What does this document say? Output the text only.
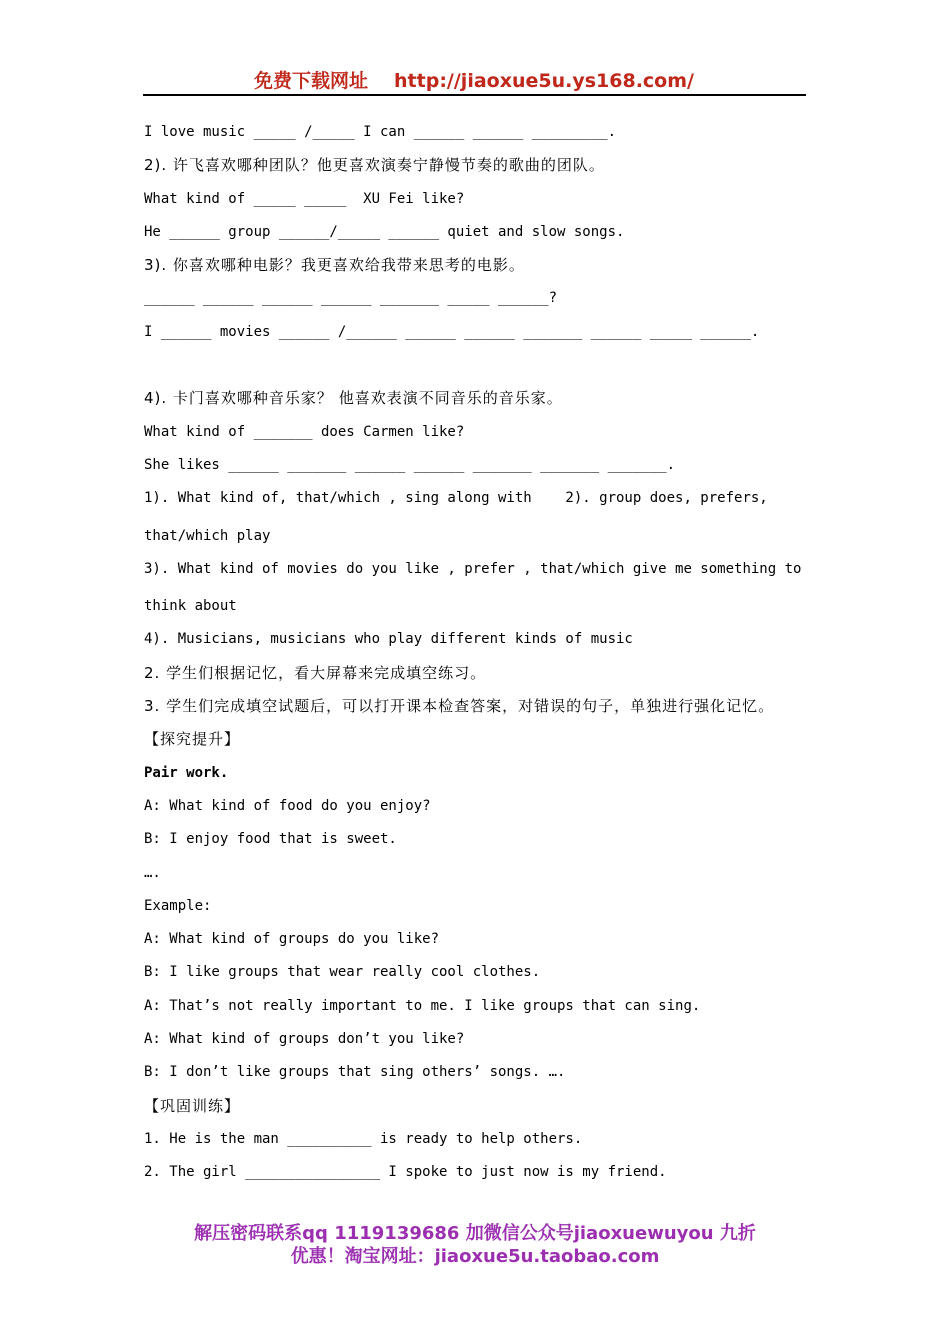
免费下载网址 http://jiaoxue5u.ys168.com/
I love music _____ /_____ I can ______ ______ _________.
2). 许飞喜欢哪种团队？他更喜欢演奏宁静慢节奏的歌曲的团队。
What kind of _____ _____  XU Fei like?
He ______ group ______/_____ ______ quiet and slow songs.
3). 你喜欢哪种电影？我更喜欢给我带来思考的电影。
______ ______ ______ ______ _______ _____ ______?
I ______ movies ______ /______ ______ ______ _______ ______ _____ ______.
4). 卡门喜欢哪种音乐家？ 他喜欢表演不同音乐的音乐家。
What kind of _______ does Carmen like?
She likes ______ _______ ______ ______ _______ _______ _______.
1). What kind of, that/which , sing along with    2). group does, prefers,
that/which play
3). What kind of movies do you like , prefer , that/which give me something to
think about
4). Musicians, musicians who play different kinds of music
2. 学生们根据记忆，看大屏幕来完成填空练习。
3. 学生们完成填空试题后，可以打开课本检查答案，对错误的句子，单独进行强化记忆。
【探究提升】
Pair work.
A: What kind of food do you enjoy?
B: I enjoy food that is sweet.
….
Example:
A: What kind of groups do you like?
B: I like groups that wear really cool clothes.
A: That’s not really important to me. I like groups that can sing.
A: What kind of groups don’t you like?
B: I don’t like groups that sing others’ songs. ….
【巩固训练】
1. He is the man __________ is ready to help others.
2. The girl ________________ I spoke to just now is my friend.
解压密码联系qq 1119139686 加微信公众号jiaoxuewuyou 九折
优惠！淘宝网址：jiaoxue5u.taobao.com
